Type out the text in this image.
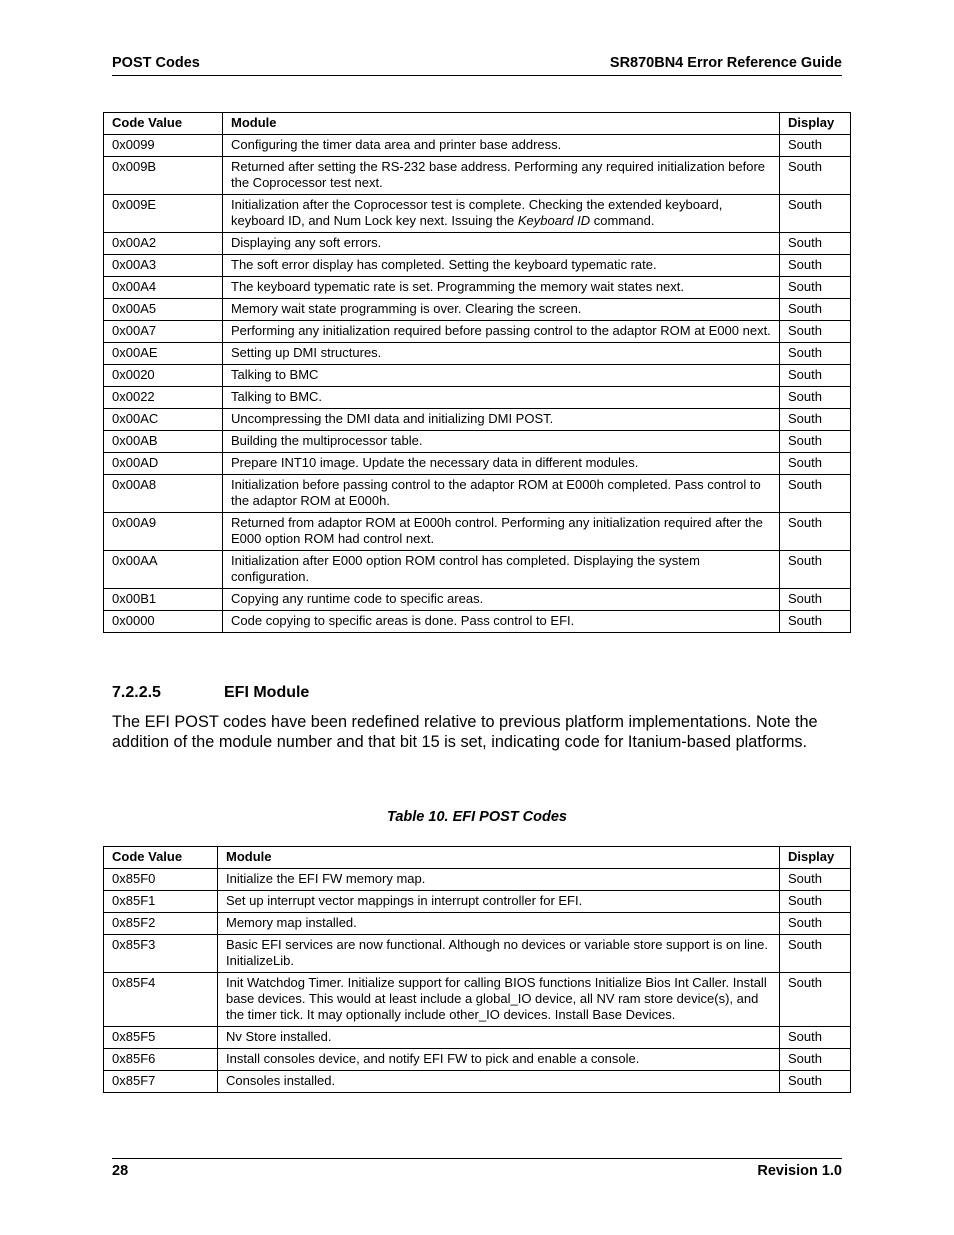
POST Codes	SR870BN4 Error Reference Guide
Code Value	Module	Display
0x0099	Configuring the timer data area and printer base address.	South
0x009B	Returned after setting the RS-232 base address. Performing any required initialization before the Coprocessor test next.	South
0x009E	Initialization after the Coprocessor test is complete. Checking the extended keyboard, keyboard ID, and Num Lock key next. Issuing the Keyboard ID command.	South
0x00A2	Displaying any soft errors.	South
0x00A3	The soft error display has completed. Setting the keyboard typematic rate.	South
0x00A4	The keyboard typematic rate is set. Programming the memory wait states next.	South
0x00A5	Memory wait state programming is over. Clearing the screen.	South
0x00A7	Performing any initialization required before passing control to the adaptor ROM at E000 next.	South
0x00AE	Setting up DMI structures.	South
0x0020	Talking to BMC	South
0x0022	Talking to BMC.	South
0x00AC	Uncompressing the DMI data and initializing DMI POST.	South
0x00AB	Building the multiprocessor table.	South
0x00AD	Prepare INT10 image. Update the necessary data in different modules.	South
0x00A8	Initialization before passing control to the adaptor ROM at E000h completed. Pass control to the adaptor ROM at E000h.	South
0x00A9	Returned from adaptor ROM at E000h control. Performing any initialization required after the E000 option ROM had control next.	South
0x00AA	Initialization after E000 option ROM control has completed. Displaying the system configuration.	South
0x00B1	Copying any runtime code to specific areas.	South
0x0000	Code copying to specific areas is done. Pass control to EFI.	South
7.2.2.5	EFI Module
The EFI POST codes have been redefined relative to previous platform implementations. Note the addition of the module number and that bit 15 is set, indicating code for Itanium-based platforms.
Table 10. EFI POST Codes
Code Value	Module	Display
0x85F0	Initialize the EFI FW memory map.	South
0x85F1	Set up interrupt vector mappings in interrupt controller for EFI.	South
0x85F2	Memory map installed.	South
0x85F3	Basic EFI services are now functional. Although no devices or variable store support is on line. InitializeLib.	South
0x85F4	Init Watchdog Timer. Initialize support for calling BIOS functions Initialize Bios Int Caller. Install base devices. This would at least include a global_IO device, all NV ram store device(s), and the timer tick. It may optionally include other_IO devices. Install Base Devices.	South
0x85F5	Nv Store installed.	South
0x85F6	Install consoles device, and notify EFI FW to pick and enable a console.	South
0x85F7	Consoles installed.	South
28	Revision 1.0
